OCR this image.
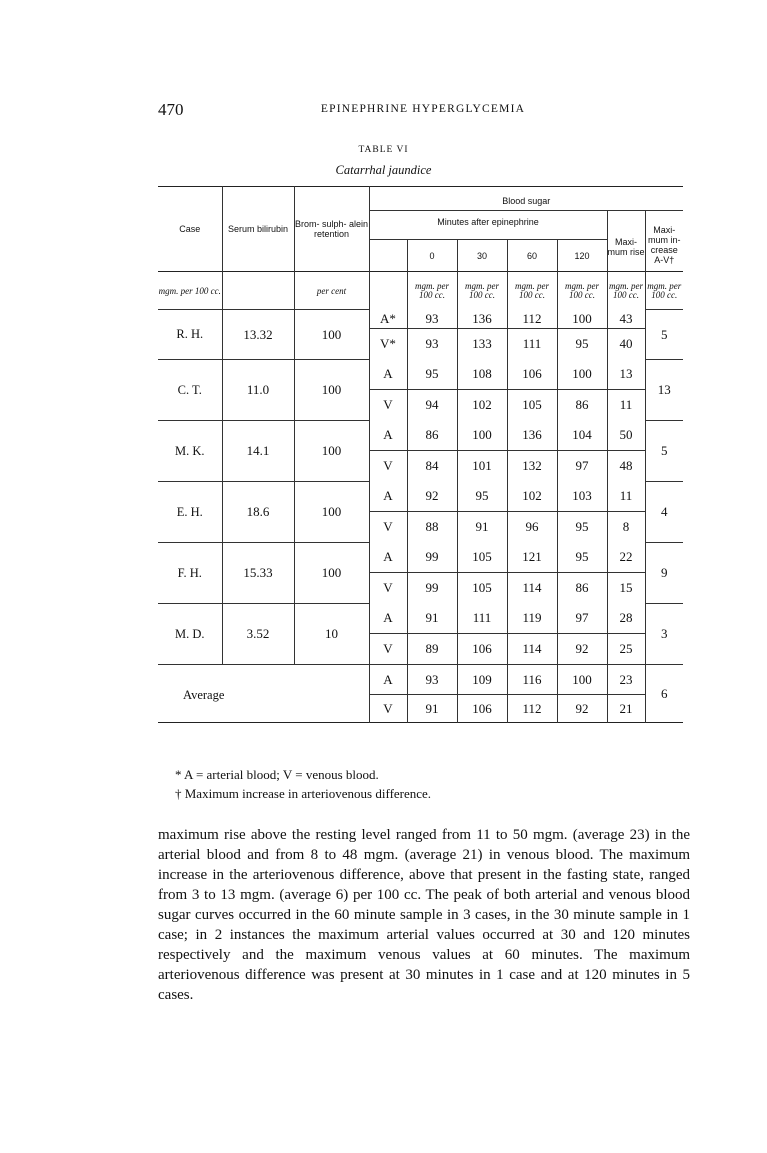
470	EPINEPHRINE HYPERGLYCEMIA
TABLE VI
Catarrhal jaundice
Case	Serum bilirubin	Brom- sulph- alein retention	Blood sugar						
			Minutes after epinephrine					Maxi- mum rise	Maxi- mum in- crease A-V†
				0	30	60	120		
mgm. per 100 cc.		per cent		mgm. per 100 cc.	mgm. per 100 cc.	mgm. per 100 cc.	mgm. per 100 cc.	mgm. per 100 cc.	mgm. per 100 cc.
R. H.	13.32	100	A*	93	136	112	100	43	5
			V*	93	133	111	95	40	
C. T.	11.0	100	A	95	108	106	100	13	13
			V	94	102	105	86	11	
M. K.	14.1	100	A	86	100	136	104	50	5
			V	84	101	132	97	48	
E. H.	18.6	100	A	92	95	102	103	11	4
			V	88	91	96	95	8	
F. H.	15.33	100	A	99	105	121	95	22	9
			V	99	105	114	86	15	
M. D.	3.52	10	A	91	111	119	97	28	3
			V	89	106	114	92	25	
Average			A	93	109	116	100	23	6
			V	91	106	112	92	21	
* A = arterial blood; V = venous blood.
† Maximum increase in arteriovenous difference.

maximum rise above the resting level ranged from 11 to 50 mgm. (average 23) in the arterial blood and from 8 to 48 mgm. (average 21) in venous blood. The maximum increase in the arteriovenous difference, above that present in the fasting state, ranged from 3 to 13 mgm. (average 6) per 100 cc. The peak of both arterial and venous blood sugar curves occurred in the 60 minute sample in 3 cases, in the 30 minute sample in 1 case; in 2 instances the maximum arterial values occurred at 30 and 120 minutes respectively and the maximum venous values at 60 minutes. The maximum arteriovenous difference was present at 30 minutes in 1 case and at 120 minutes in 5 cases.
